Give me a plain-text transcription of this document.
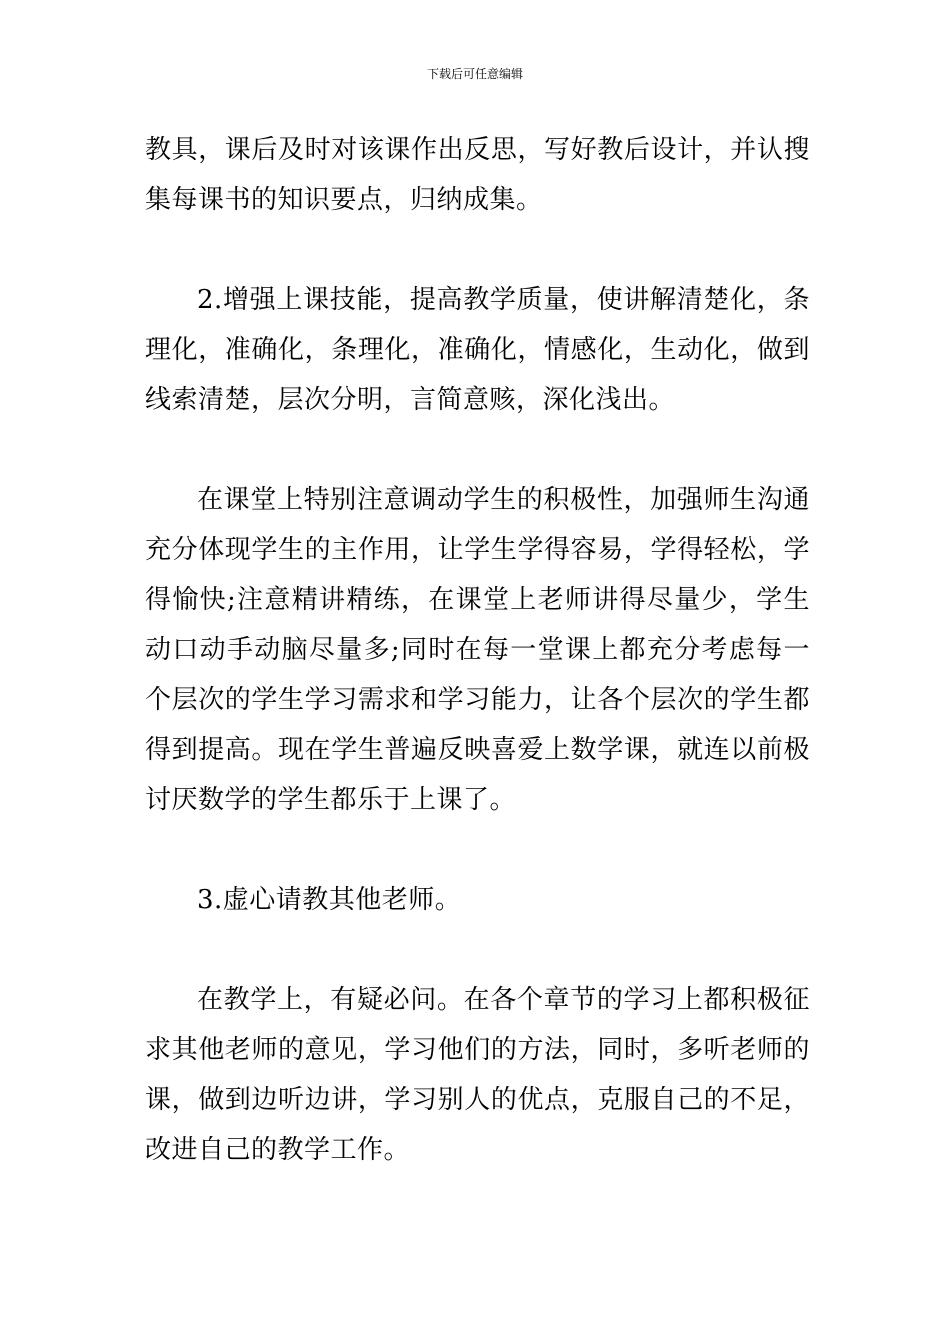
下载后可任意编辑

教具，课后及时对该课作出反思，写好教后设计，并认搜集每课书的知识要点，归纳成集。

2.增强上课技能，提高教学质量，使讲解清楚化，条理化，准确化，条理化，准确化，情感化，生动化，做到线索清楚，层次分明，言简意赅，深化浅出。

在课堂上特别注意调动学生的积极性，加强师生沟通充分体现学生的主作用，让学生学得容易，学得轻松，学得愉快;注意精讲精练，在课堂上老师讲得尽量少，学生动口动手动脑尽量多;同时在每一堂课上都充分考虑每一个层次的学生学习需求和学习能力，让各个层次的学生都得到提高。现在学生普遍反映喜爱上数学课，就连以前极讨厌数学的学生都乐于上课了。

3.虚心请教其他老师。

在教学上，有疑必问。在各个章节的学习上都积极征求其他老师的意见，学习他们的方法，同时，多听老师的课，做到边听边讲，学习别人的优点，克服自己的不足，改进自己的教学工作。
